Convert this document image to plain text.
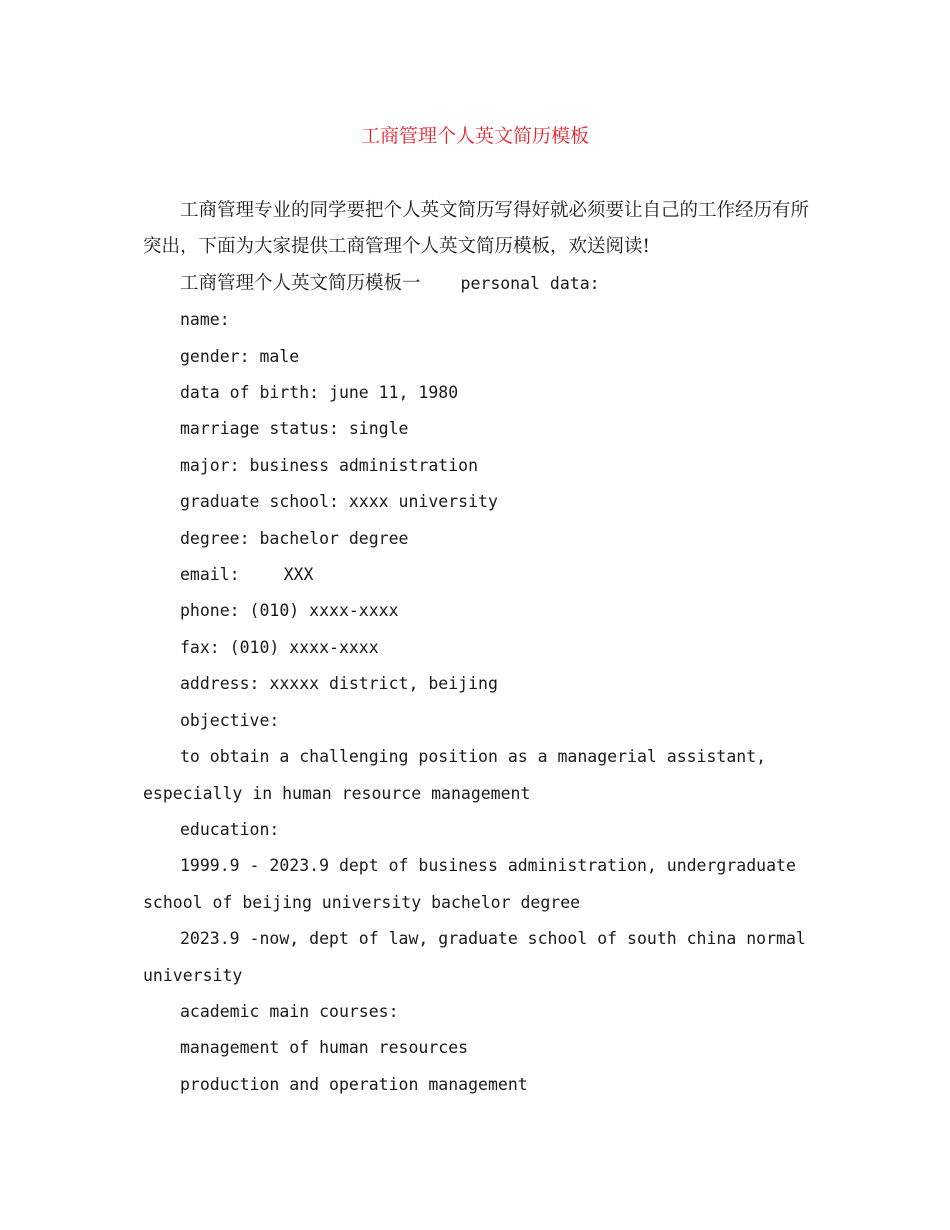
工商管理个人英文简历模板

工商管理专业的同学要把个人英文简历写得好就必须要让自己的工作经历有所突出，下面为大家提供工商管理个人英文简历模板，欢送阅读!

工商管理个人英文简历模板一 personal data:

name:

gender: male

data of birth: june 11, 1980

marriage status: single

major: business administration

graduate school: xxxx university

degree: bachelor degree

email:	XXX

phone: (010) xxxx-xxxx

fax: (010) xxxx-xxxx

address: xxxxx district, beijing

objective:

to obtain a challenging position as a managerial assistant, especially in human resource management

education:

1999.9 - 2023.9 dept of business administration, undergraduate school of beijing university bachelor degree

2023.9 -now, dept of law, graduate school of south china normal university

academic main courses:

management of human resources

production and operation management
